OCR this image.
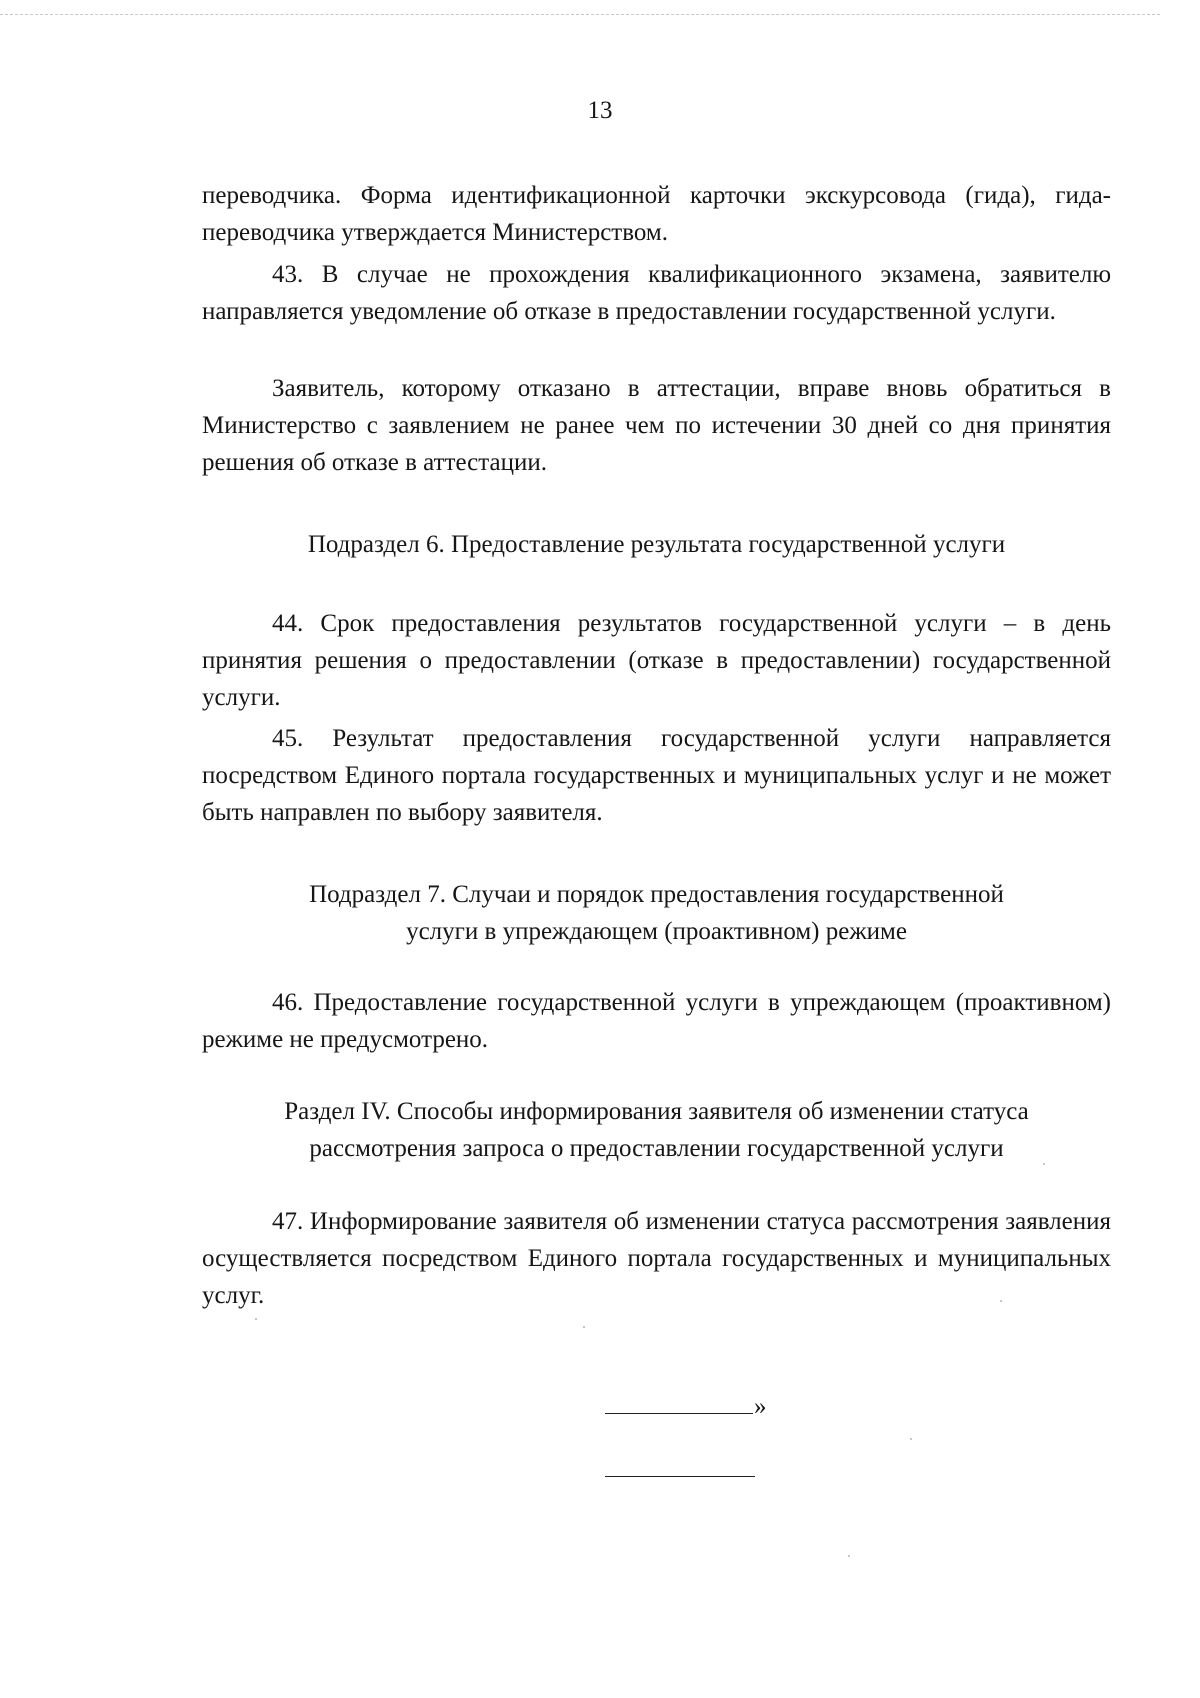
13

переводчика. Форма идентификационной карточки экскурсовода (гида), гида-переводчика утверждается Министерством.

43. В случае не прохождения квалификационного экзамена, заявителю направляется уведомление об отказе в предоставлении государственной услуги.

Заявитель, которому отказано в аттестации, вправе вновь обратиться в Министерство с заявлением не ранее чем по истечении 30 дней со дня принятия решения об отказе в аттестации.

Подраздел 6. Предоставление результата государственной услуги

44. Срок предоставления результатов государственной услуги – в день принятия решения о предоставлении (отказе в предоставлении) государственной услуги.

45. Результат предоставления государственной услуги направляется посредством Единого портала государственных и муниципальных услуг и не может быть направлен по выбору заявителя.

Подраздел 7. Случаи и порядок предоставления государственной
услуги в упреждающем (проактивном) режиме

46. Предоставление государственной услуги в упреждающем (проактивном) режиме не предусмотрено.

Раздел IV. Способы информирования заявителя об изменении статуса
рассмотрения запроса о предоставлении государственной услуги

47. Информирование заявителя об изменении статуса рассмотрения заявления осуществляется посредством Единого портала государственных и муниципальных услуг.

»
